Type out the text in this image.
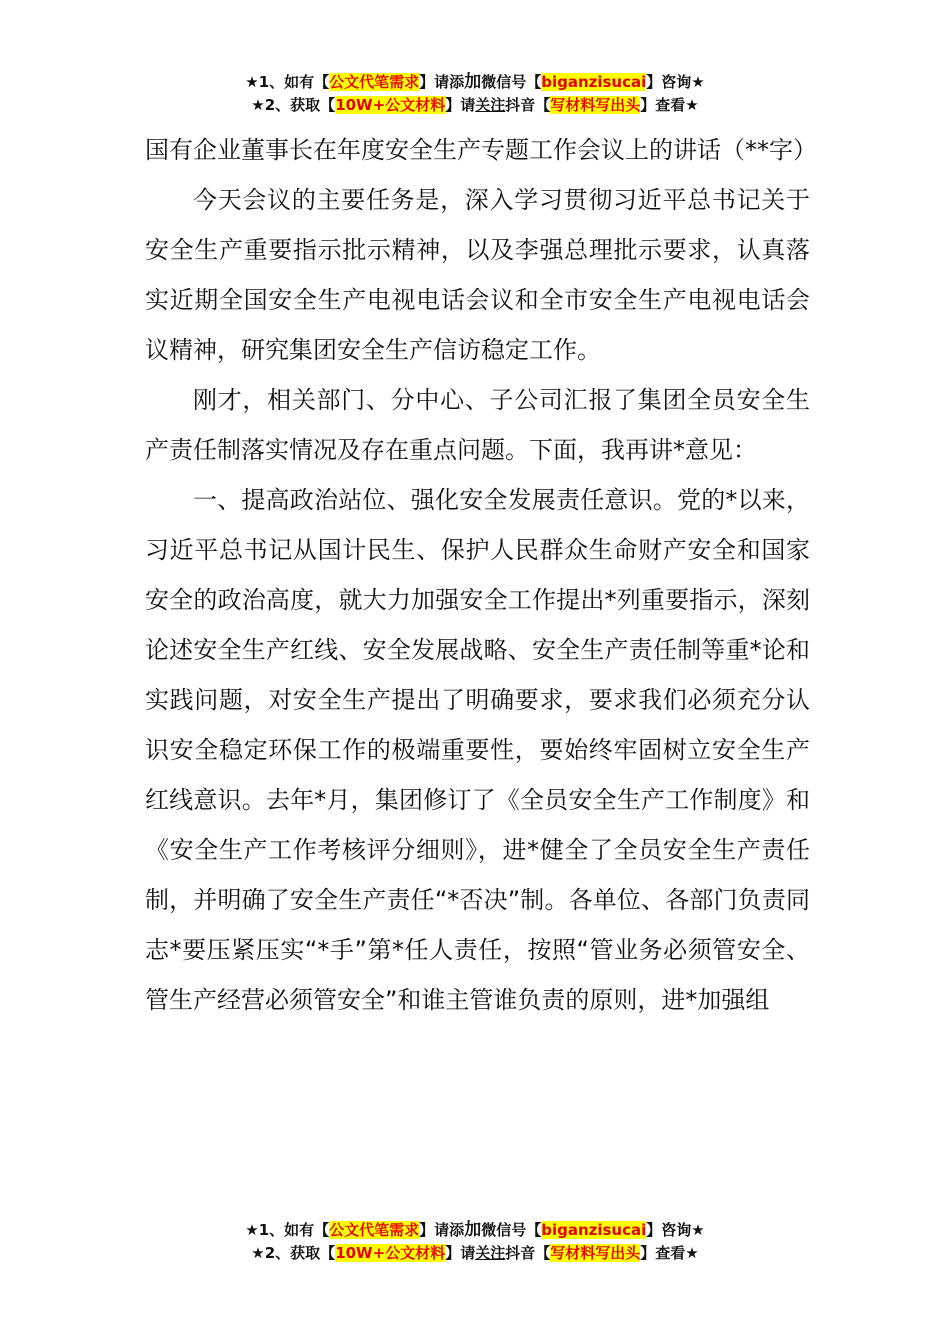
★1、如有【公文代笔需求】请添加微信号【biganzisucai】咨询★
★2、获取【10W+公文材料】请关注抖音【写材料写出头】查看★

国有企业董事长在年度安全生产专题工作会议上的讲话（**字）

今天会议的主要任务是，深入学习贯彻习近平总书记关于安全生产重要指示批示精神，以及李强总理批示要求，认真落实近期全国安全生产电视电话会议和全市安全生产电视电话会议精神，研究集团安全生产信访稳定工作。

刚才，相关部门、分中心、子公司汇报了集团全员安全生产责任制落实情况及存在重点问题。下面，我再讲*意见：

一、提高政治站位、强化安全发展责任意识。党的*以来，习近平总书记从国计民生、保护人民群众生命财产安全和国家安全的政治高度，就大力加强安全工作提出*列重要指示，深刻论述安全生产红线、安全发展战略、安全生产责任制等重*论和实践问题，对安全生产提出了明确要求，要求我们必须充分认识安全稳定环保工作的极端重要性，要始终牢固树立安全生产红线意识。去年*月，集团修订了《全员安全生产工作制度》和《安全生产工作考核评分细则》，进*健全了全员安全生产责任制，并明确了安全生产责任“*否决”制。各单位、各部门负责同志*要压紧压实“*手”第*任人责任，按照“管业务必须管安全、管生产经营必须管安全”和谁主管谁负责的原则，进*加强组

★1、如有【公文代笔需求】请添加微信号【biganzisucai】咨询★
★2、获取【10W+公文材料】请关注抖音【写材料写出头】查看★
